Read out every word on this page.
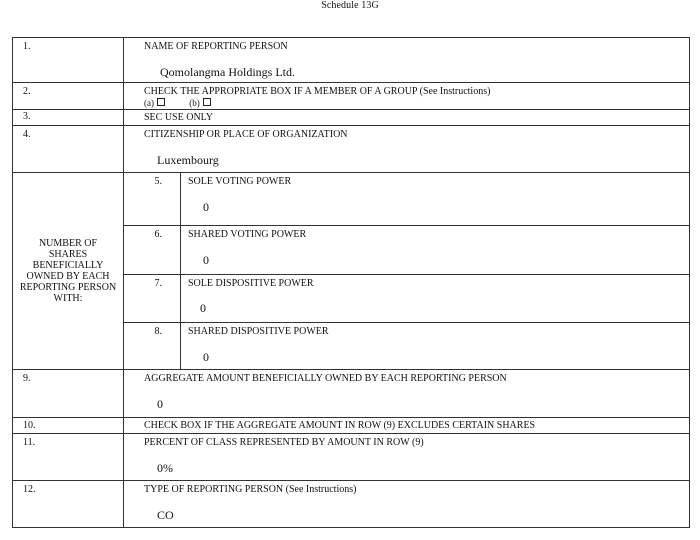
Schedule 13G
1.	NAME OF REPORTING PERSON
Qomolangma Holdings Ltd.	

2.	CHECK THE APPROPRIATE BOX IF A MEMBER OF A GROUP (See Instructions)
(a) (b)	

3.	SEC USE ONLY	
4.	CITIZENSHIP OR PLACE OF ORGANIZATION
Luxembourg	

NUMBER OF SHARES BENEFICIALLY OWNED BY EACH REPORTING PERSON WITH:	5.	SOLE VOTING POWER
0

	6.	SHARED VOTING POWER
0

	7.	SOLE DISPOSITIVE POWER
0

	8.	SHARED DISPOSITIVE POWER
0

9.	AGGREGATE AMOUNT BENEFICIALLY OWNED BY EACH REPORTING PERSON
0	

10.	CHECK BOX IF THE AGGREGATE AMOUNT IN ROW (9) EXCLUDES CERTAIN SHARES	
11.	PERCENT OF CLASS REPRESENTED BY AMOUNT IN ROW (9)
0%	

12.	TYPE OF REPORTING PERSON (See Instructions)
CO	
